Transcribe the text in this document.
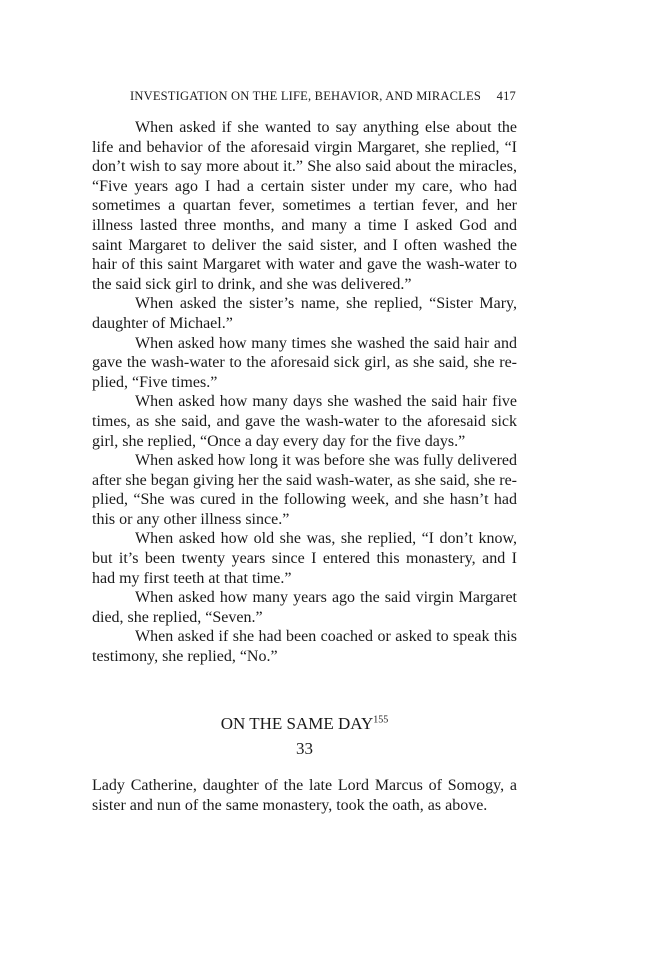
INVESTIGATION ON THE LIFE, BEHAVIOR, AND MIRACLES 417

When asked if she wanted to say anything else about the life and behavior of the aforesaid virgin Margaret, she replied, “I don’t wish to say more about it.” She also said about the miracles, “Five years ago I had a certain sister under my care, who had sometimes a quartan fever, sometimes a tertian fever, and her illness lasted three months, and many a time I asked God and saint Margaret to deliver the said sister, and I often washed the hair of this saint Margaret with water and gave the wash-water to the said sick girl to drink, and she was delivered.”

When asked the sister’s name, she replied, “Sister Mary, daughter of Michael.”

When asked how many times she washed the said hair and gave the wash-water to the aforesaid sick girl, as she said, she replied, “Five times.”

When asked how many days she washed the said hair five times, as she said, and gave the wash-water to the aforesaid sick girl, she replied, “Once a day every day for the five days.”

When asked how long it was before she was fully delivered after she began giving her the said wash-water, as she said, she replied, “She was cured in the following week, and she hasn’t had this or any other illness since.”

When asked how old she was, she replied, “I don’t know, but it’s been twenty years since I entered this monastery, and I had my first teeth at that time.”

When asked how many years ago the said virgin Margaret died, she replied, “Seven.”

When asked if she had been coached or asked to speak this testimony, she replied, “No.”

ON THE SAME DAY$^{155}$
33

Lady Catherine, daughter of the late Lord Marcus of Somogy, a sister and nun of the same monastery, took the oath, as above.
